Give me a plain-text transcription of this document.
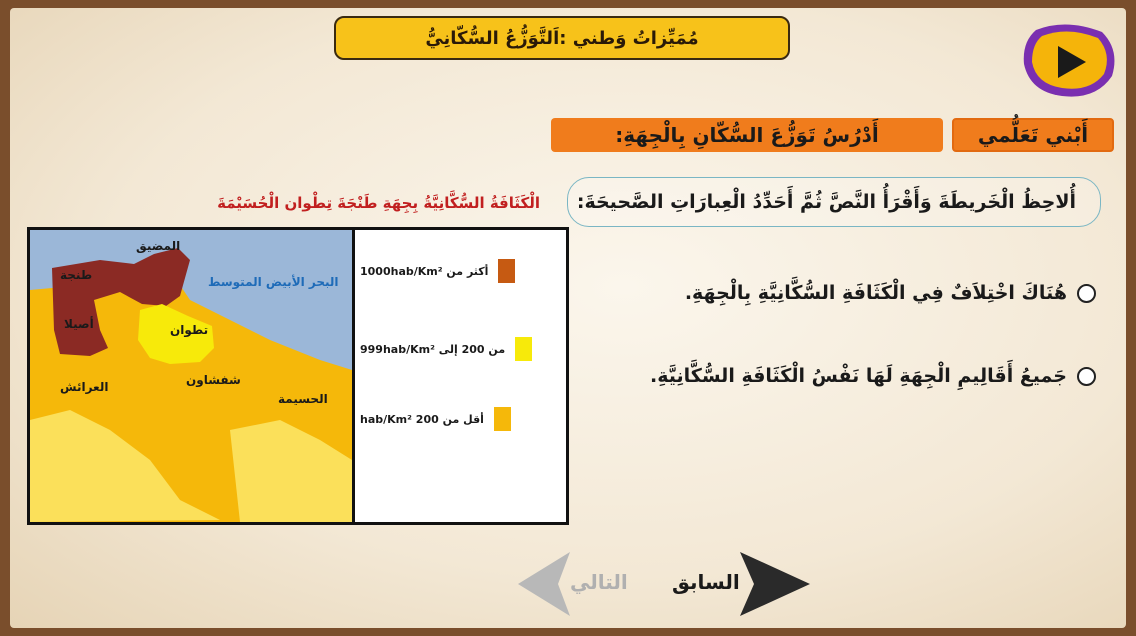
مُمَيِّزاتُ وَطني :اَلتَّوَزُّعُ السُّكّانِيُّ
أَدْرُسُ تَوَزُّعَ السُّكّانِ بِالْجِهَةِ:	أَبْني تَعَلُّمي
أُلاحِظُ الْخَريطَةَ وَأَقْرَأُ النَّصَّ ثُمَّ أَحَدِّدُ الْعِبارَاتِ الصَّحيحَةَ:
هُنَاكَ اخْتِلاَفٌ فِي الْكَثَافَةِ السُّكَّانِيَّةِ بِالْجِهَةِ.
جَميعُ أَقَالِيمِ الْجِهَةِ لَهَا نَفْسُ الْكَثَافَةِ السُّكَّانِيَّةِ.
الْكَثَافَةُ السُّكَّانِيَّةُ بِجِهَةِ طَنْجَةَ تِطْوان الْحُسَيْمَةَ
المضيق
طنجة	البحر الأبيض المتوسط
أصيلا	تطوان
العرائش	شفشاون
الحسيمة
أكثر من 1000hab/Km²
من 200 إلى 999hab/Km²
أقل من 200 hab/Km²
التالي السابق
